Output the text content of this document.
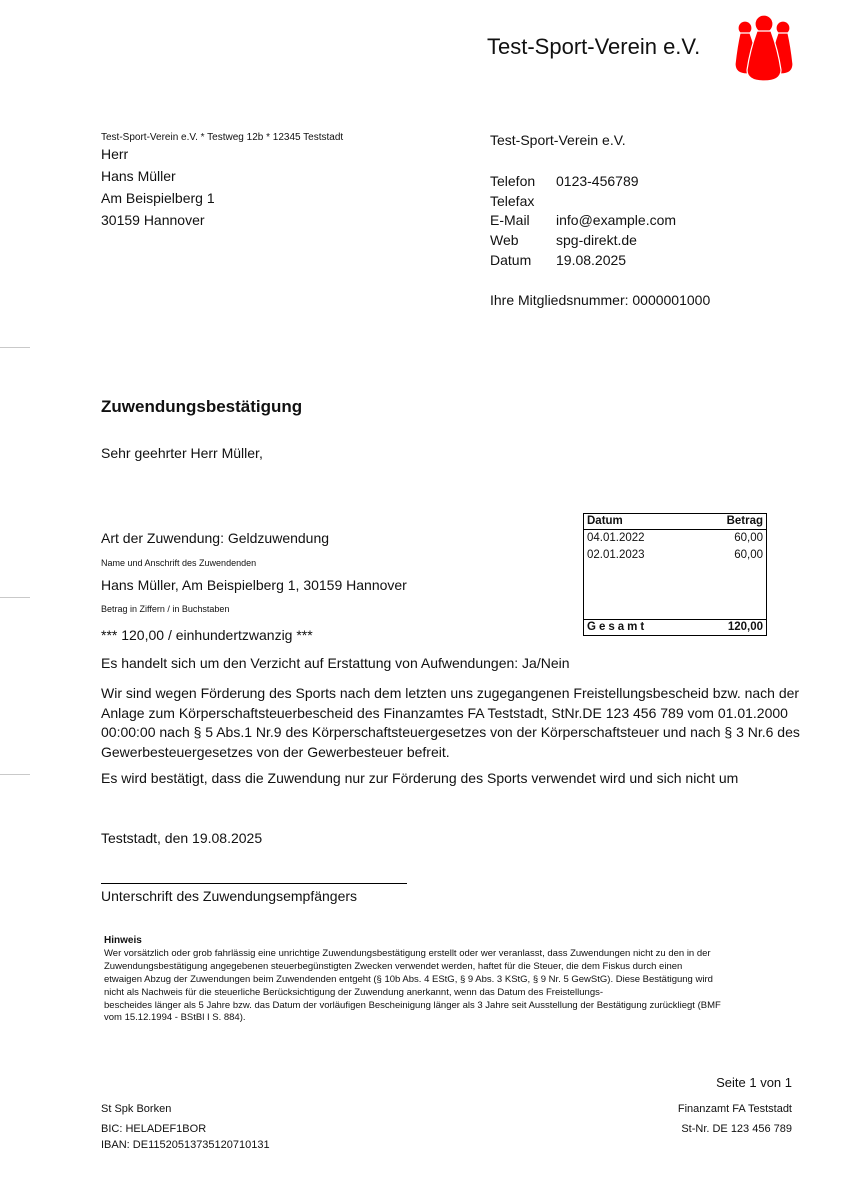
Test-Sport-Verein e.V.
Test-Sport-Verein e.V. * Testweg 12b * 12345 Teststadt
Herr
Hans Müller
Am Beispielberg 1
30159 Hannover
Test-Sport-Verein e.V.
Telefon	0123-456789
Telefax
E-Mail	info@example.com
Web	spg-direkt.de
Datum	19.08.2025
Ihre Mitgliedsnummer: 0000001000
Zuwendungsbestätigung
Sehr geehrter Herr Müller,
Art der Zuwendung: Geldzuwendung
Name und Anschrift des Zuwendenden
Hans Müller, Am Beispielberg 1, 30159 Hannover
Betrag in Ziffern / in Buchstaben
*** 120,00 / einhundertzwanzig ***
Es handelt sich um den Verzicht auf Erstattung von Aufwendungen: Ja/Nein
Datum	Betrag
04.01.2022	60,00
02.01.2023	60,00
Gesamt	120,00
Wir sind wegen Förderung des Sports nach dem letzten uns zugegangenen Freistellungsbescheid bzw. nach der Anlage zum Körperschaftsteuerbescheid des Finanzamtes FA Teststadt, StNr.DE 123 456 789 vom 01.01.2000 00:00:00 nach § 5 Abs.1 Nr.9 des Körperschaftsteuergesetzes von der Körperschaftsteuer und nach § 3 Nr.6 des Gewerbesteuergesetzes von der Gewerbesteuer befreit.
Es wird bestätigt, dass die Zuwendung nur zur Förderung des Sports verwendet wird und sich nicht um
Teststadt, den 19.08.2025
Unterschrift des Zuwendungsempfängers
Hinweis
Wer vorsätzlich oder grob fahrlässig eine unrichtige Zuwendungsbestätigung erstellt oder wer veranlasst, dass Zuwendungen nicht zu den in der
Zuwendungsbestätigung angegebenen steuerbegünstigten Zwecken verwendet werden, haftet für die Steuer, die dem Fiskus durch einen
etwaigen Abzug der Zuwendungen beim Zuwendenden entgeht (§ 10b Abs. 4 EStG, § 9 Abs. 3 KStG, § 9 Nr. 5 GewStG). Diese Bestätigung wird
nicht als Nachweis für die steuerliche Berücksichtigung der Zuwendung anerkannt, wenn das Datum des Freistellungs-
bescheides länger als 5 Jahre bzw. das Datum der vorläufigen Bescheinigung länger als 3 Jahre seit Ausstellung der Bestätigung zurückliegt (BMF
vom 15.12.1994 - BStBl I S. 884).
Seite 1 von 1
St Spk Borken
BIC: HELADEF1BOR
IBAN: DE11520513735120710131
Finanzamt FA Teststadt
St-Nr. DE 123 456 789
